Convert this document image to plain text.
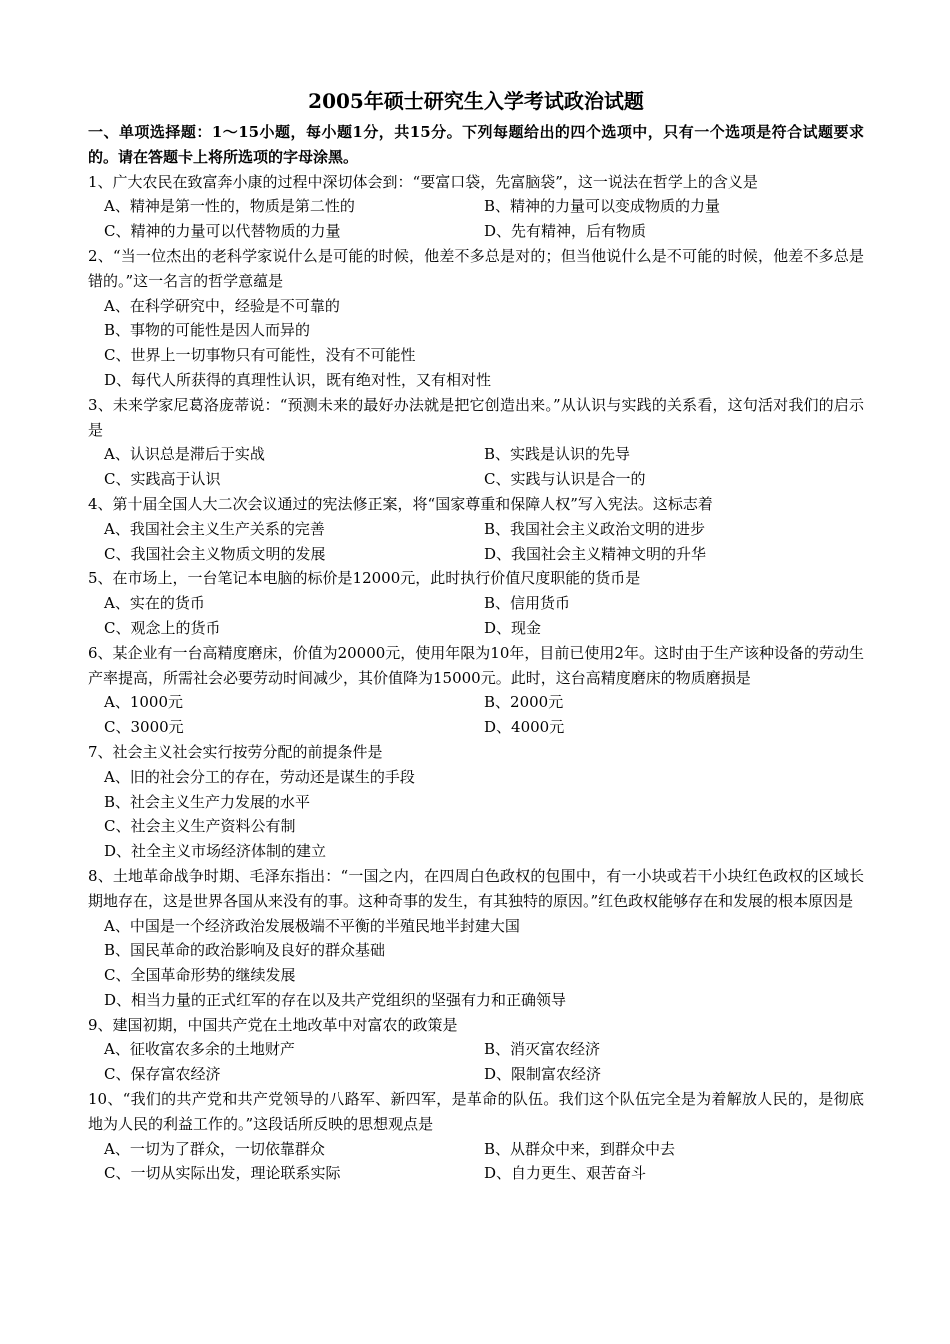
2005年硕士研究生入学考试政治试题
一、单项选择题：1～15小题，每小题1分，共15分。下列每题给出的四个选项中，只有一个选项是符合试题要求的。请在答题卡上将所选项的字母涂黑。
1、广大农民在致富奔小康的过程中深切体会到：“要富口袋，先富脑袋”，这一说法在哲学上的含义是
A、精神是第一性的，物质是第二性的	B、精神的力量可以变成物质的力量
C、精神的力量可以代替物质的力量	D、先有精神，后有物质
2、“当一位杰出的老科学家说什么是可能的时候，他差不多总是对的；但当他说什么是不可能的时候，他差不多总是错的。”这一名言的哲学意蕴是
A、在科学研究中，经验是不可靠的
B、事物的可能性是因人而异的
C、世界上一切事物只有可能性，没有不可能性
D、每代人所获得的真理性认识，既有绝对性，又有相对性
3、未来学家尼葛洛庞蒂说：“预测未来的最好办法就是把它创造出来。”从认识与实践的关系看，这句活对我们的启示是
A、认识总是滞后于实战	B、实践是认识的先导
C、实践高于认识	C、实践与认识是合一的
4、第十届全国人大二次会议通过的宪法修正案，将“国家尊重和保障人权”写入宪法。这标志着
A、我国社会主义生产关系的完善	B、我国社会主义政治文明的进步
C、我国社会主义物质文明的发展	D、我国社会主义精神文明的升华
5、在市场上，一台笔记本电脑的标价是12000元，此时执行价值尺度职能的货币是
A、实在的货币	B、信用货币
C、观念上的货币	D、现金
6、某企业有一台高精度磨床，价值为20000元，使用年限为10年，目前已使用2年。这时由于生产该种设备的劳动生产率提高，所需社会必要劳动时间减少，其价值降为15000元。此时，这台高精度磨床的物质磨损是
A、1000元	B、2000元
C、3000元	D、4000元
7、社会主义社会实行按劳分配的前提条件是
A、旧的社会分工的存在，劳动还是谋生的手段
B、社会主义生产力发展的水平
C、社会主义生产资料公有制
D、社全主义市场经济体制的建立
8、土地革命战争时期、毛泽东指出：“一国之内，在四周白色政权的包围中，有一小块或若干小块红色政权的区域长期地存在，这是世界各国从来没有的事。这种奇事的发生，有其独特的原因。”红色政权能够存在和发展的根本原因是
A、中国是一个经济政治发展极端不平衡的半殖民地半封建大国
B、国民革命的政治影响及良好的群众基础
C、全国革命形势的继续发展
D、相当力量的正式红军的存在以及共产党组织的坚强有力和正确领导
9、建国初期，中国共产党在土地改革中对富农的政策是
A、征收富农多余的土地财产	B、消灭富农经济
C、保存富农经济	D、限制富农经济
10、“我们的共产党和共产党领导的八路军、新四军，是革命的队伍。我们这个队伍完全是为着解放人民的，是彻底地为人民的利益工作的。”这段话所反映的思想观点是
A、一切为了群众，一切依靠群众	B、从群众中来，到群众中去
C、一切从实际出发，理论联系实际	D、自力更生、艰苦奋斗
